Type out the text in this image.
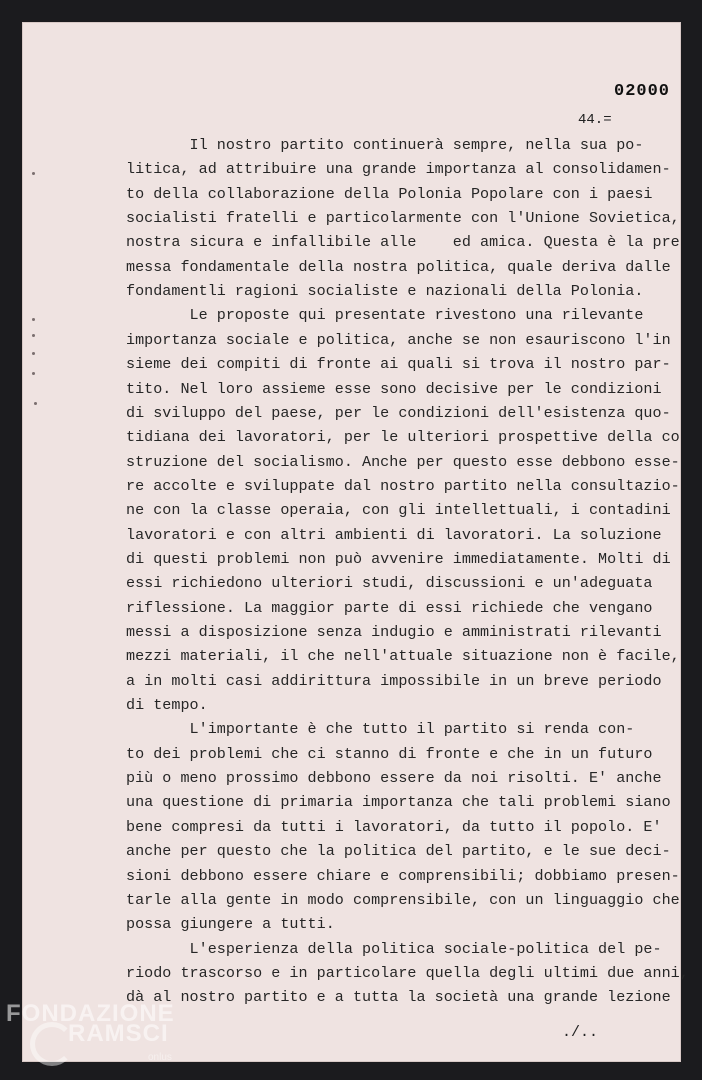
02000
44.=
Il nostro partito continuerà sempre, nella sua po-
litica, ad attribuire una grande importanza al consolidamen-
to della collaborazione della Polonia Popolare con i paesi
socialisti fratelli e particolarmente con l'Unione Sovietica,
nostra sicura e infallibile alle    ed amica. Questa è la pre
messa fondamentale della nostra politica, quale deriva dalle
fondamentli ragioni socialiste e nazionali della Polonia.
Le proposte qui presentate rivestono una rilevante
importanza sociale e politica, anche se non esauriscono l'in
sieme dei compiti di fronte ai quali si trova il nostro par-
tito. Nel loro assieme esse sono decisive per le condizioni
di sviluppo del paese, per le condizioni dell'esistenza quo-
tidiana dei lavoratori, per le ulteriori prospettive della co
struzione del socialismo. Anche per questo esse debbono esse-
re accolte e sviluppate dal nostro partito nella consultazio-
ne con la classe operaia, con gli intellettuali, i contadini
lavoratori e con altri ambienti di lavoratori. La soluzione
di questi problemi non può avvenire immediatamente. Molti di
essi richiedono ulteriori studi, discussioni e un'adeguata
riflessione. La maggior parte di essi richiede che vengano
messi a disposizione senza indugio e amministrati rilevanti
mezzi materiali, il che nell'attuale situazione non è facile,
a in molti casi addirittura impossibile in un breve periodo
di tempo.
L'importante è che tutto il partito si renda con-
to dei problemi che ci stanno di fronte e che in un futuro
più o meno prossimo debbono essere da noi risolti. E' anche
una questione di primaria importanza che tali problemi siano
bene compresi da tutti i lavoratori, da tutto il popolo. E'
anche per questo che la politica del partito, e le sue deci-
sioni debbono essere chiare e comprensibili; dobbiamo presen-
tarle alla gente in modo comprensibile, con un linguaggio che
possa giungere a tutti.
L'esperienza della politica sociale-politica del pe-
riodo trascorso e in particolare quella degli ultimi due anni,
dà al nostro partito e a tutta la società una grande lezione
./..
FONDAZIONE
RAMSCI
onlus
